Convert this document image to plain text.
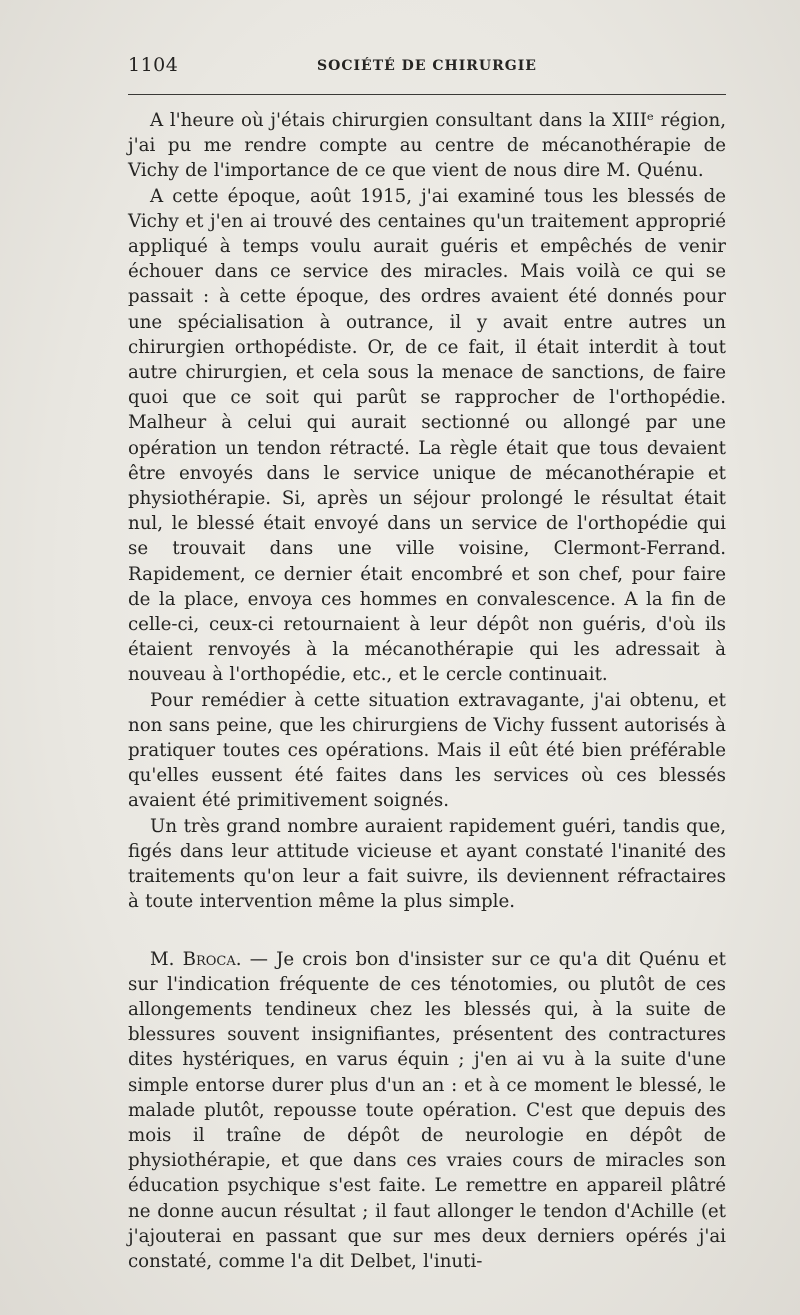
1104	SOCIÉTÉ DE CHIRURGIE

A l'heure où j'étais chirurgien consultant dans la XIIIᵉ région, j'ai pu me rendre compte au centre de mécanothérapie de Vichy de l'importance de ce que vient de nous dire M. Quénu.

A cette époque, août 1915, j'ai examiné tous les blessés de Vichy et j'en ai trouvé des centaines qu'un traitement approprié appliqué à temps voulu aurait guéris et empêchés de venir échouer dans ce service des miracles. Mais voilà ce qui se passait : à cette époque, des ordres avaient été donnés pour une spécialisation à outrance, il y avait entre autres un chirurgien orthopédiste. Or, de ce fait, il était interdit à tout autre chirurgien, et cela sous la menace de sanctions, de faire quoi que ce soit qui parût se rapprocher de l'orthopédie. Malheur à celui qui aurait sectionné ou allongé par une opération un tendon rétracté. La règle était que tous devaient être envoyés dans le service unique de mécanothérapie et physiothérapie. Si, après un séjour prolongé le résultat était nul, le blessé était envoyé dans un service de l'orthopédie qui se trouvait dans une ville voisine, Clermont-Ferrand. Rapidement, ce dernier était encombré et son chef, pour faire de la place, envoya ces hommes en convalescence. A la fin de celle-ci, ceux-ci retournaient à leur dépôt non guéris, d'où ils étaient renvoyés à la mécanothérapie qui les adressait à nouveau à l'orthopédie, etc., et le cercle continuait.

Pour remédier à cette situation extravagante, j'ai obtenu, et non sans peine, que les chirurgiens de Vichy fussent autorisés à pratiquer toutes ces opérations. Mais il eût été bien préférable qu'elles eussent été faites dans les services où ces blessés avaient été primitivement soignés.

Un très grand nombre auraient rapidement guéri, tandis que, figés dans leur attitude vicieuse et ayant constaté l'inanité des traitements qu'on leur a fait suivre, ils deviennent réfractaires à toute intervention même la plus simple.

M. Broca. — Je crois bon d'insister sur ce qu'a dit Quénu et sur l'indication fréquente de ces ténotomies, ou plutôt de ces allongements tendineux chez les blessés qui, à la suite de blessures souvent insignifiantes, présentent des contractures dites hystériques, en varus équin ; j'en ai vu à la suite d'une simple entorse durer plus d'un an : et à ce moment le blessé, le malade plutôt, repousse toute opération. C'est que depuis des mois il traîne de dépôt de neurologie en dépôt de physiothérapie, et que dans ces vraies cours de miracles son éducation psychique s'est faite. Le remettre en appareil plâtré ne donne aucun résultat ; il faut allonger le tendon d'Achille (et j'ajouterai en passant que sur mes deux derniers opérés j'ai constaté, comme l'a dit Delbet, l'inuti-
